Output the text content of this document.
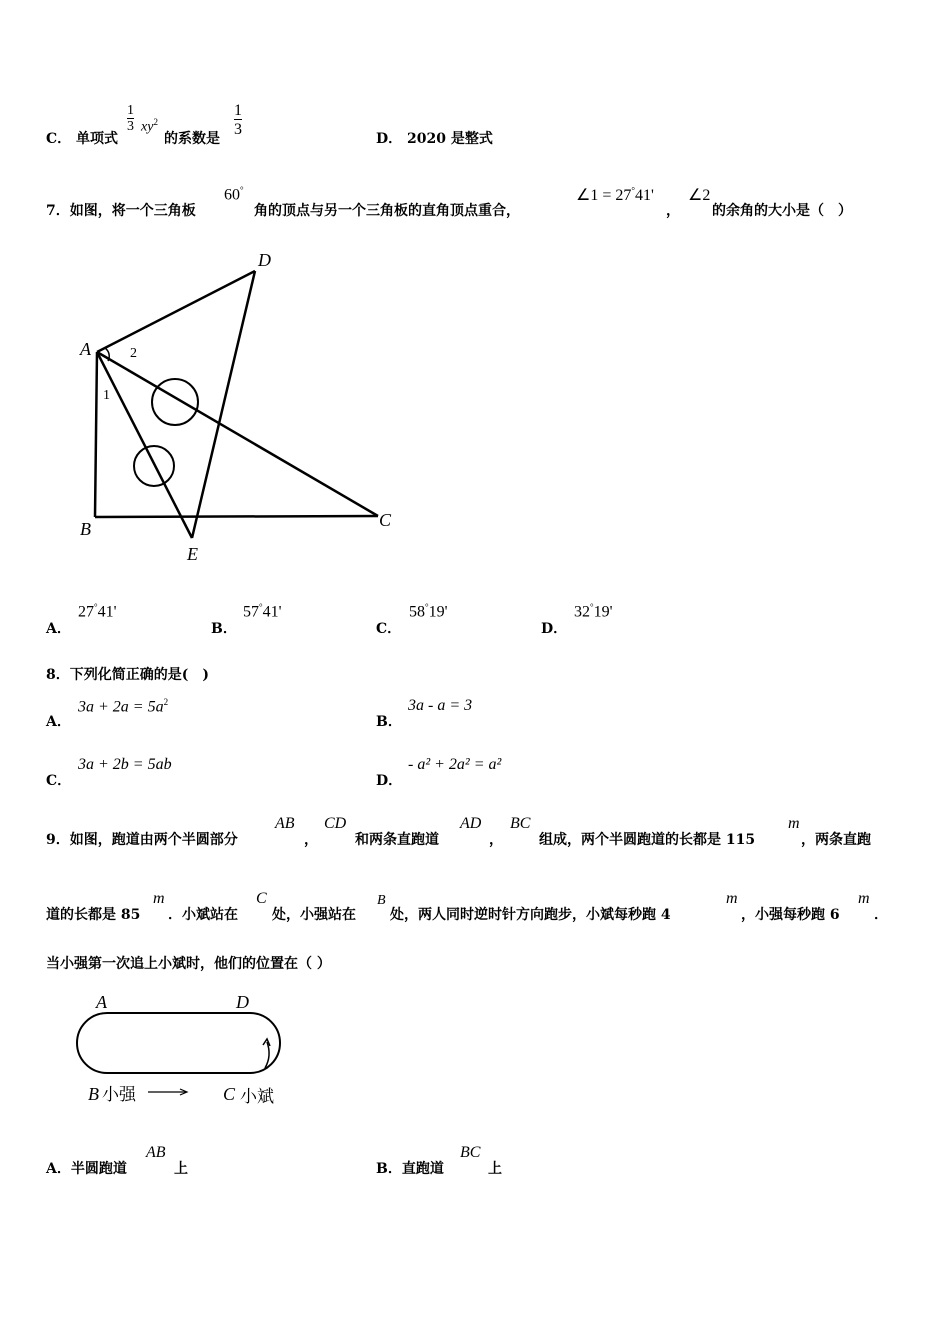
C． 单项式
$\frac{1}{3} xy^2$
的系数是
$\frac{1}{3}$
D． 2020 是整式
7．如图，将一个三角板
60°
角的顶点与另一个三角板的直角顶点重合，
∠1 = 27°41'
，
∠2
的余角的大小是（　）
A	2
1
D
B	C
E
A．
27°41'
B．
57°41'
C．
58°19'
D．
32°19'
8．下列化简正确的是(　)
A．
$3a + 2a = 5a^2$
B．
3a - a = 3
C．
3a + 2b = 5ab
D．
- a² + 2a² = a²
9．如图，跑道由两个半圆部分
AB
，
CD
和两条直跑道
AD
，
BC
组成，两个半圆跑道的长都是 115
m
，两条直跑
道的长都是 85
m
．小斌站在
C
处，小强站在
B
处，两人同时逆时针方向跑步，小斌每秒跑 4
m
，小强每秒跑 6
m
．
当小强第一次追上小斌时，他们的位置在（ ）
A	D
B 小强	C 小斌
A．半圆跑道
AB
上	B．直跑道
BC
上
